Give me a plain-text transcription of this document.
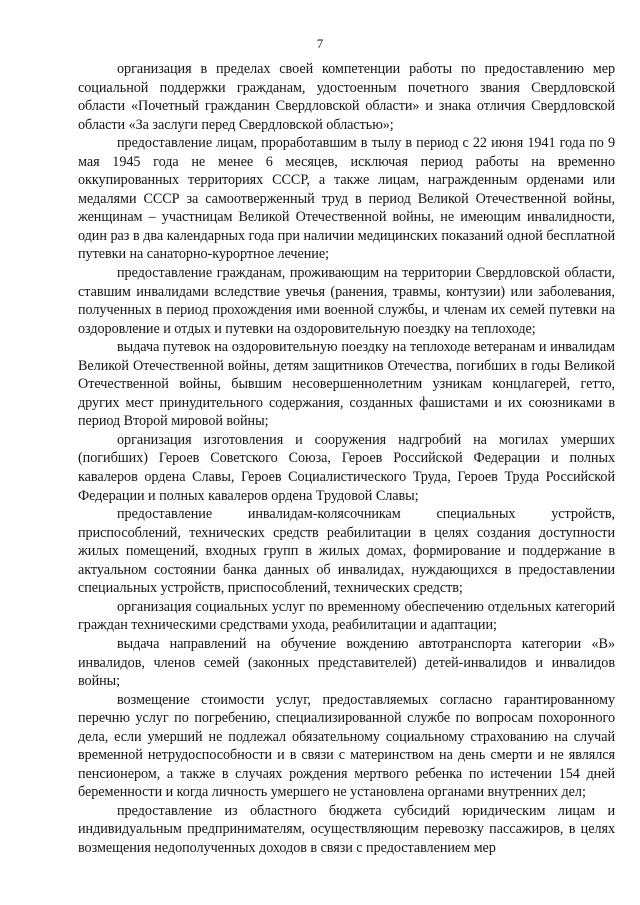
7

организация в пределах своей компетенции работы по предоставлению мер социальной поддержки гражданам, удостоенным почетного звания Свердловской области «Почетный гражданин Свердловской области» и знака отличия Свердловской области «За заслуги перед Свердловской областью»;

предоставление лицам, проработавшим в тылу в период с 22 июня 1941 года по 9 мая 1945 года не менее 6 месяцев, исключая период работы на временно оккупированных территориях СССР, а также лицам, награжденным орденами или медалями СССР за самоотверженный труд в период Великой Отечественной войны, женщинам – участницам Великой Отечественной войны, не имеющим инвалидности, один раз в два календарных года при наличии медицинских показаний одной бесплатной путевки на санаторно-курортное лечение;

предоставление гражданам, проживающим на территории Свердловской области, ставшим инвалидами вследствие увечья (ранения, травмы, контузии) или заболевания, полученных в период прохождения ими военной службы, и членам их семей путевки на оздоровление и отдых и путевки на оздоровительную поездку на теплоходе;

выдача путевок на оздоровительную поездку на теплоходе ветеранам и инвалидам Великой Отечественной войны, детям защитников Отечества, погибших в годы Великой Отечественной войны, бывшим несовершеннолетним узникам концлагерей, гетто, других мест принудительного содержания, созданных фашистами и их союзниками в период Второй мировой войны;

организация изготовления и сооружения надгробий на могилах умерших (погибших) Героев Советского Союза, Героев Российской Федерации и полных кавалеров ордена Славы, Героев Социалистического Труда, Героев Труда Российской Федерации и полных кавалеров ордена Трудовой Славы;

предоставление инвалидам-колясочникам специальных устройств, приспособлений, технических средств реабилитации в целях создания доступности жилых помещений, входных групп в жилых домах, формирование и поддержание в актуальном состоянии банка данных об инвалидах, нуждающихся в предоставлении специальных устройств, приспособлений, технических средств;

организация социальных услуг по временному обеспечению отдельных категорий граждан техническими средствами ухода, реабилитации и адаптации;

выдача направлений на обучение вождению автотранспорта категории «В» инвалидов, членов семей (законных представителей) детей-инвалидов и инвалидов войны;

возмещение стоимости услуг, предоставляемых согласно гарантированному перечню услуг по погребению, специализированной службе по вопросам похоронного дела, если умерший не подлежал обязательному социальному страхованию на случай временной нетрудоспособности и в связи с материнством на день смерти и не являлся пенсионером, а также в случаях рождения мертвого ребенка по истечении 154 дней беременности и когда личность умершего не установлена органами внутренних дел;

предоставление из областного бюджета субсидий юридическим лицам и индивидуальным предпринимателям, осуществляющим перевозку пассажиров, в целях возмещения недополученных доходов в связи с предоставлением мер
